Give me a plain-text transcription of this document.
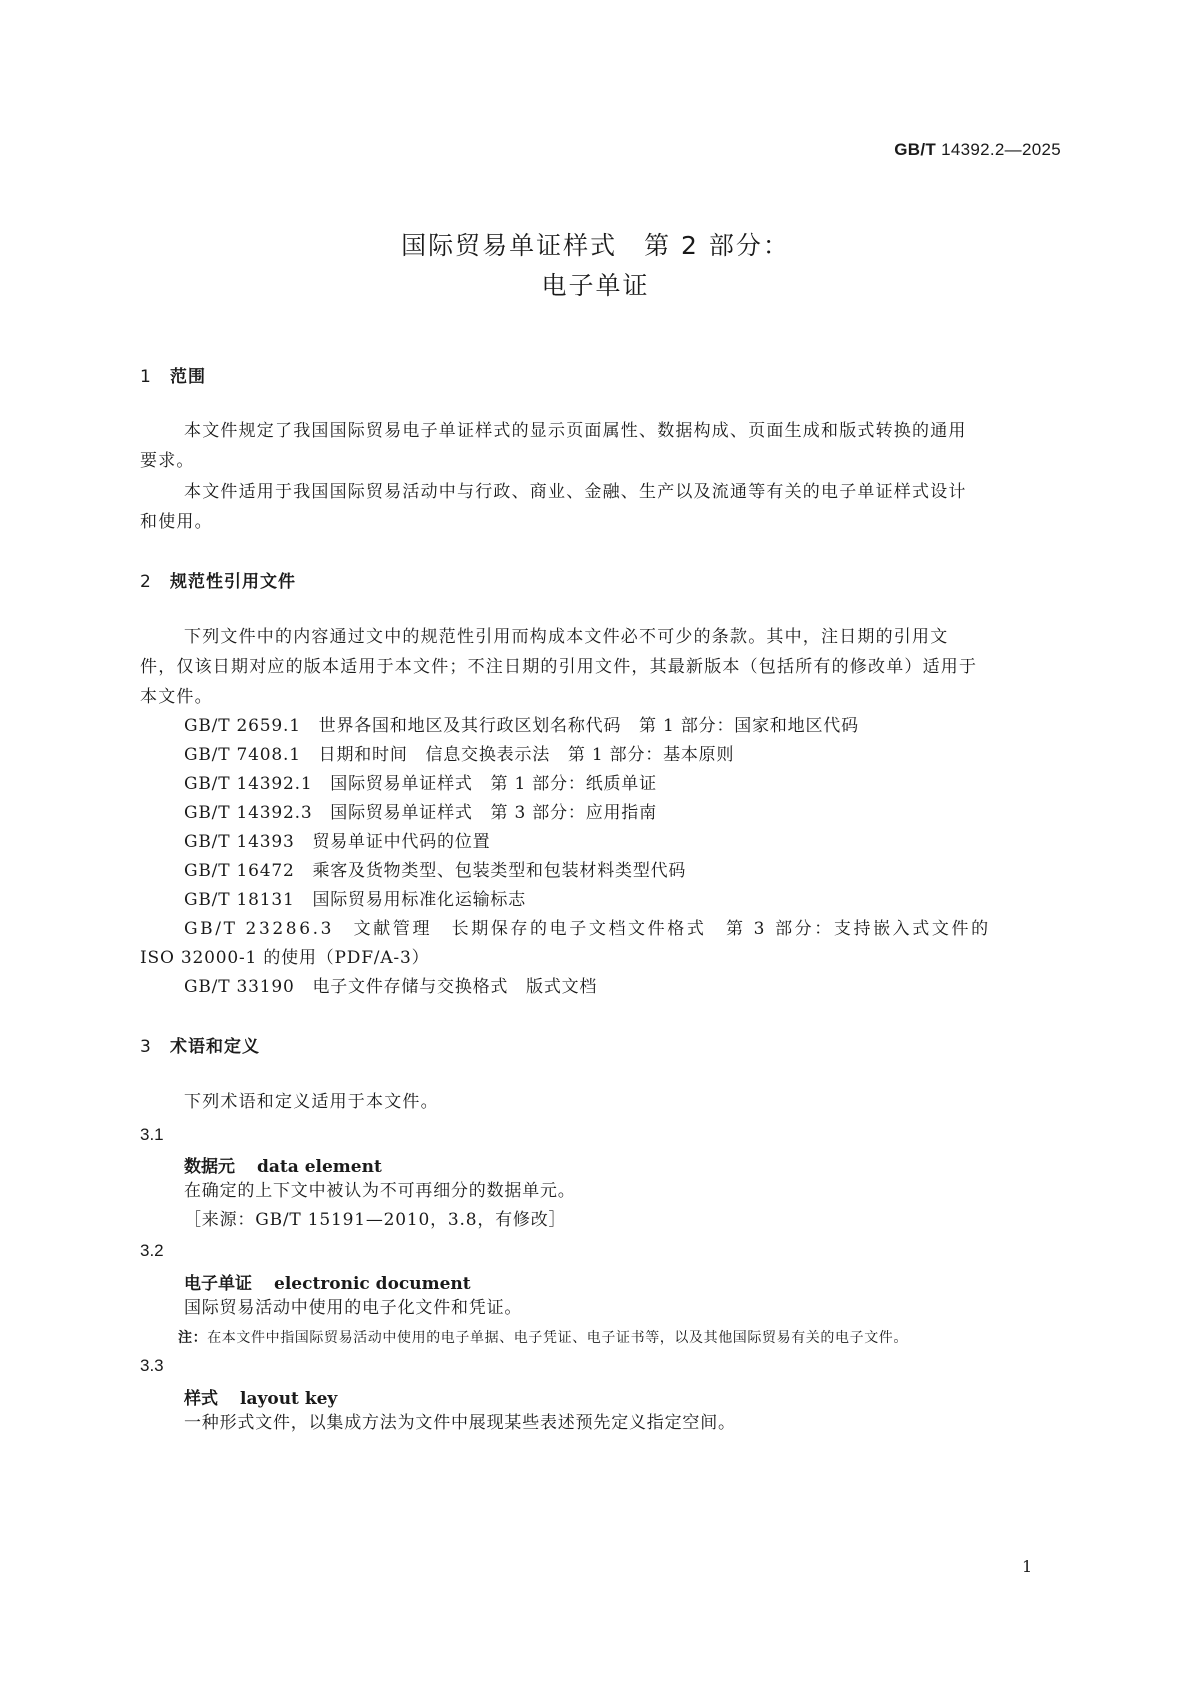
GB/T 14392.2—2025
国际贸易单证样式　第 2 部分：
电子单证
1 范围
本文件规定了我国国际贸易电子单证样式的显示页面属性、数据构成、页面生成和版式转换的通用
要求。
本文件适用于我国国际贸易活动中与行政、商业、金融、生产以及流通等有关的电子单证样式设计
和使用。
2 规范性引用文件
下列文件中的内容通过文中的规范性引用而构成本文件必不可少的条款。其中，注日期的引用文
件，仅该日期对应的版本适用于本文件；不注日期的引用文件，其最新版本（包括所有的修改单）适用于
本文件。
GB/T 2659.1　 世界各国和地区及其行政区划名称代码　第 1 部分：国家和地区代码
GB/T 7408.1　 日期和时间　信息交换表示法　第 1 部分：基本原则
GB/T 14392.1　 国际贸易单证样式　第 1 部分：纸质单证
GB/T 14392.3　 国际贸易单证样式　第 3 部分：应用指南
GB/T 14393　 贸易单证中代码的位置
GB/T 16472　 乘客及货物类型、包装类型和包装材料类型代码
GB/T 18131　 国际贸易用标准化运输标志
GB/T 23286.3　 文献管理　长期保存的电子文档文件格式　第 3 部分：支持嵌入式文件的
ISO 32000-1 的使用（PDF/A-3）
GB/T 33190　 电子文件存储与交换格式　版式文档
3 术语和定义
下列术语和定义适用于本文件。
3.1
数据元 data element
在确定的上下文中被认为不可再细分的数据单元。
［来源：GB/T 15191—2010，3.8，有修改］
3.2
电子单证 electronic document
国际贸易活动中使用的电子化文件和凭证。
注：在本文件中指国际贸易活动中使用的电子单据、电子凭证、电子证书等，以及其他国际贸易有关的电子文件。
3.3
样式 layout key
一种形式文件，以集成方法为文件中展现某些表述预先定义指定空间。
1
